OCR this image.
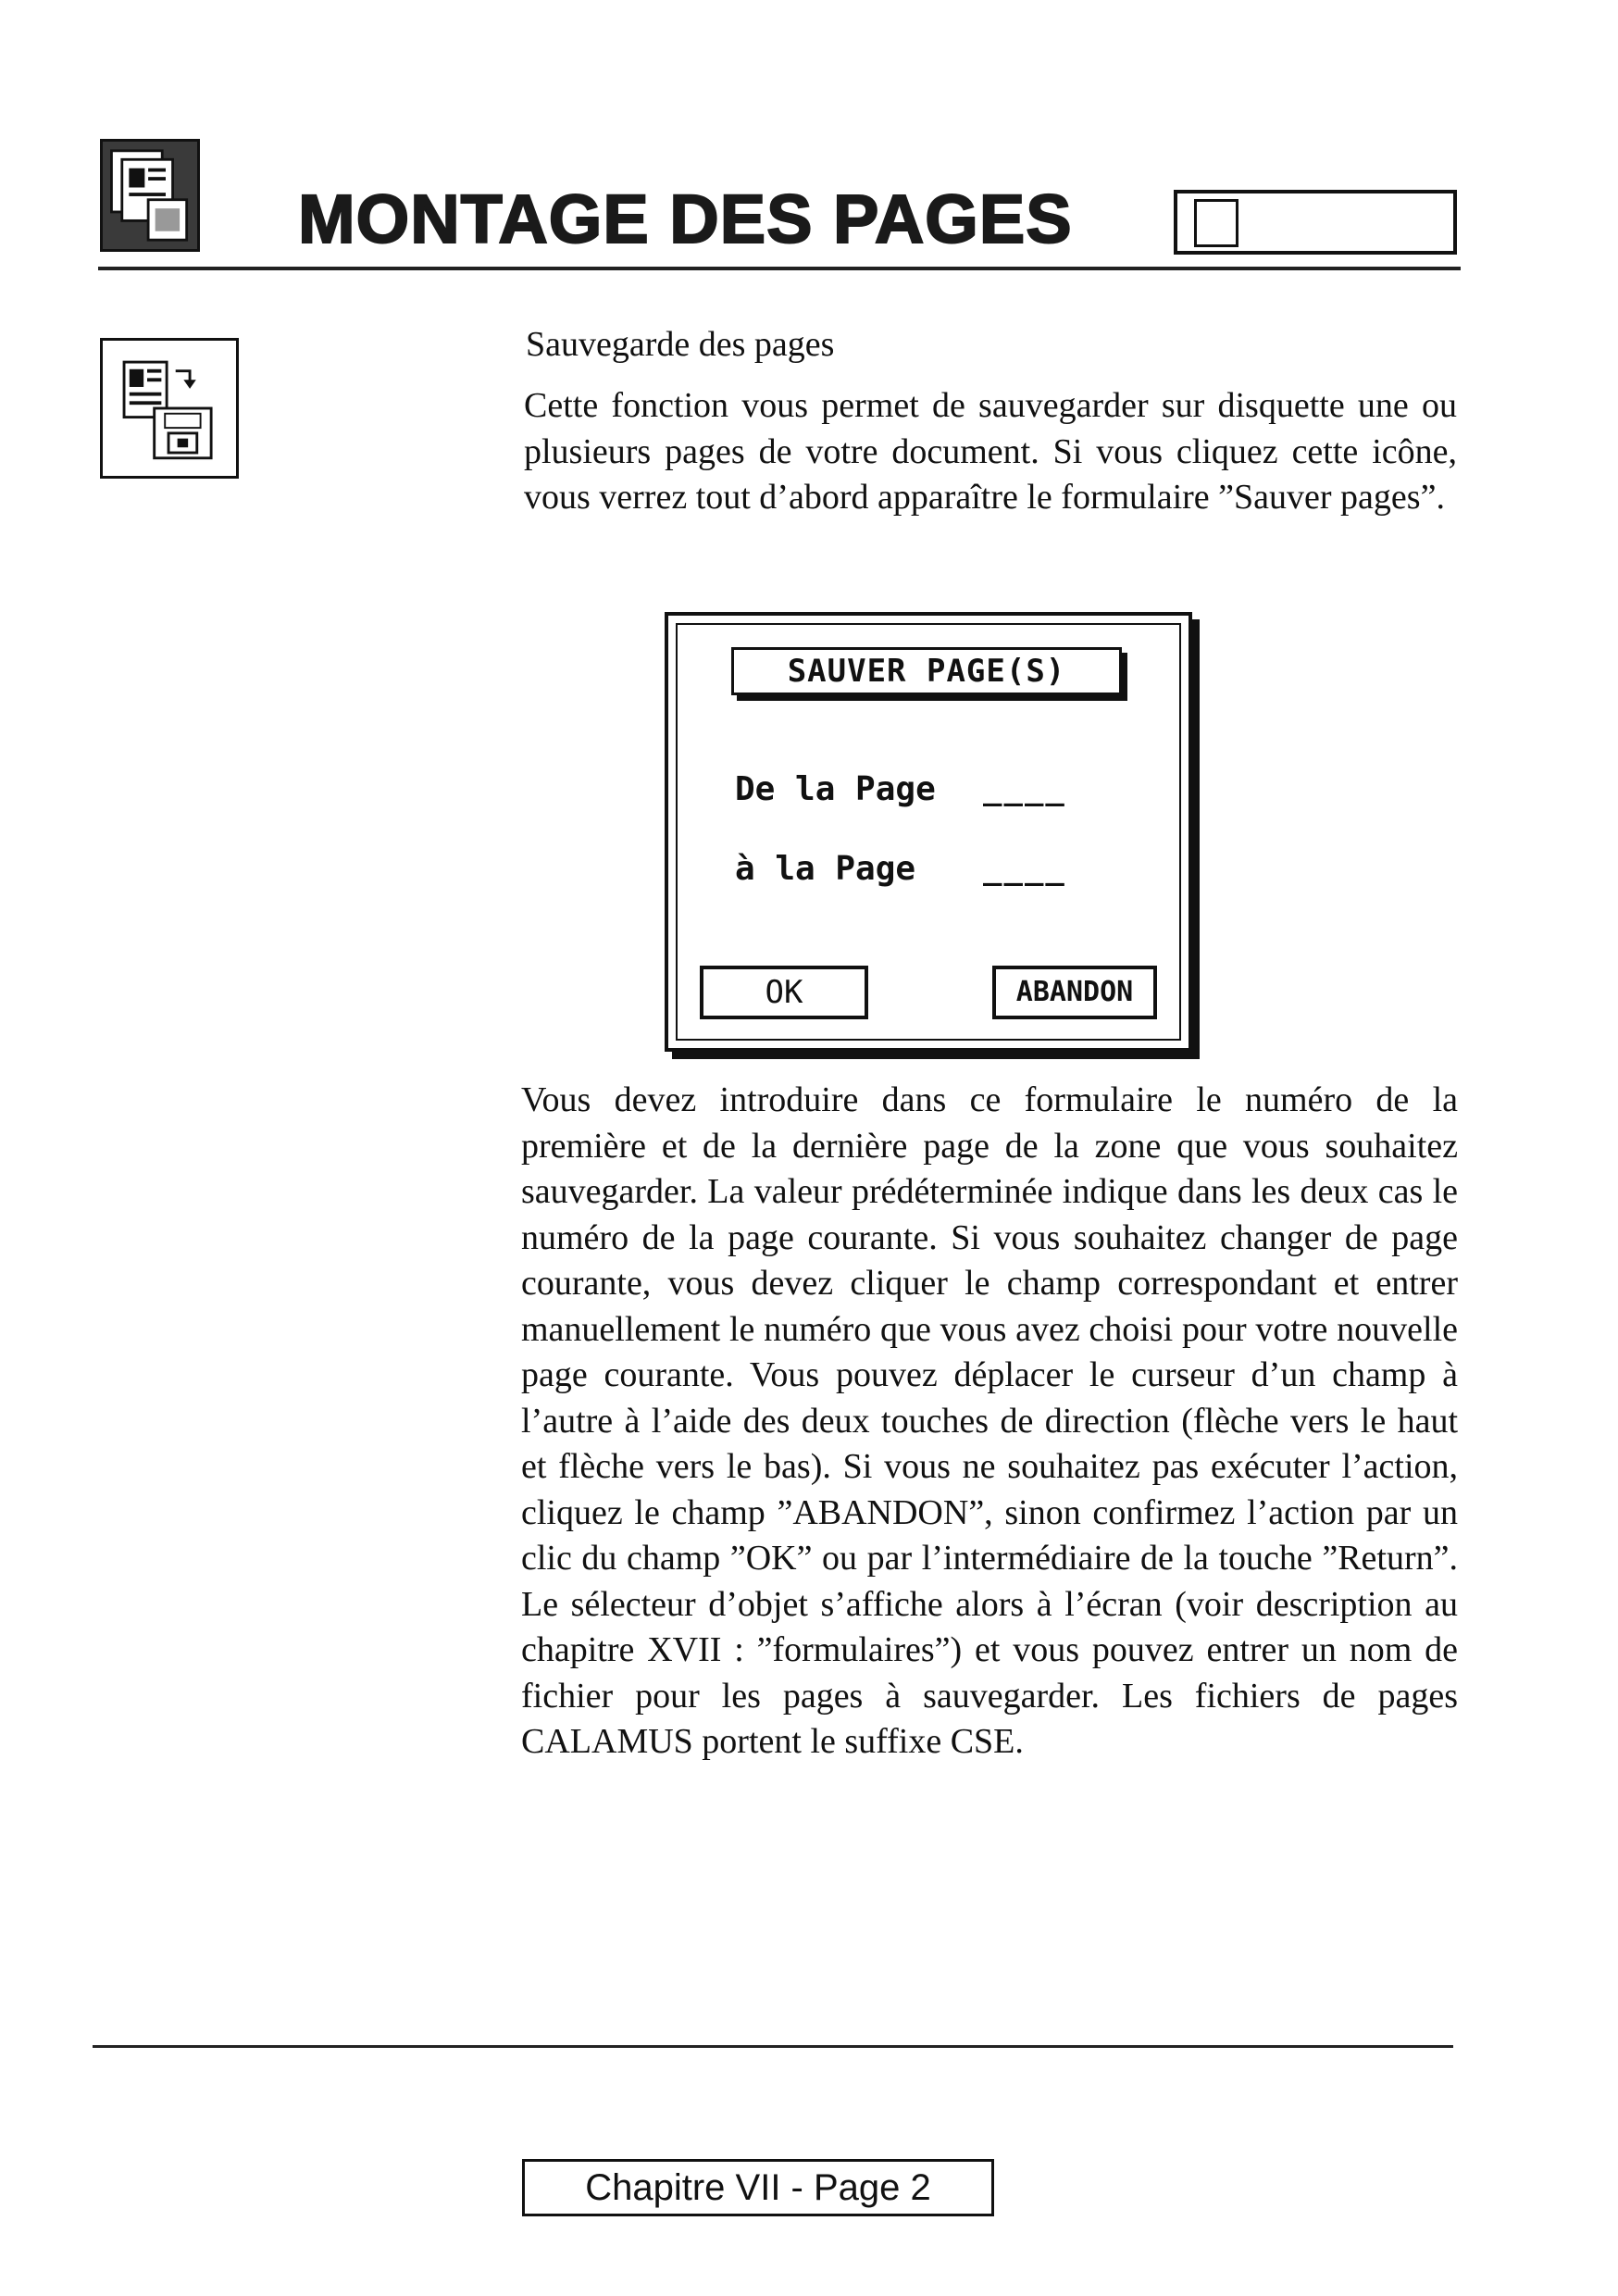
MONTAGE DES PAGES
Sauvegarde des pages

Cette fonction vous permet de sauvegarder sur disquette une ou plusieurs pages de votre document. Si vous cliquez cette icône, vous verrez tout d’abord apparaître le formulaire ”Sauver pages”.

SAUVER PAGE(S)
De la Page ____
à la Page ____
OK	ABANDON

Vous devez introduire dans ce formulaire le numéro de la première et de la dernière page de la zone que vous souhaitez sauvegarder. La valeur prédéterminée indique dans les deux cas le numéro de la page courante. Si vous souhaitez changer de page courante, vous devez cliquer le champ correspondant et entrer manuellement le numéro que vous avez choisi pour votre nouvelle page courante. Vous pouvez déplacer le curseur d’un champ à l’autre à l’aide des deux touches de direction (flèche vers le haut et flèche vers le bas). Si vous ne souhaitez pas exécuter l’action, cliquez le champ ”ABANDON”, sinon confirmez l’action par un clic du champ ”OK” ou par l’intermédiaire de la touche ”Return”. Le sélecteur d’objet s’affiche alors à l’écran (voir description au chapitre XVII : ”formulaires”) et vous pouvez entrer un nom de fichier pour les pages à sauvegarder. Les fichiers de pages CALAMUS portent le suffixe CSE.

Chapitre VII - Page 2
